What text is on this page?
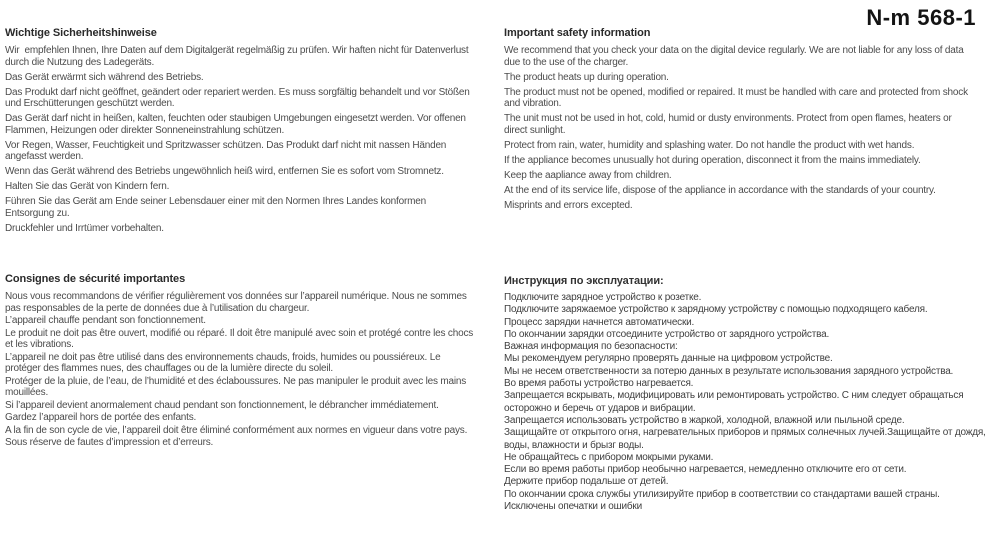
N-m 568-1
Wichtige Sicherheitshinweise

Wir  empfehlen Ihnen, Ihre Daten auf dem Digitalgerät regelmäßig zu prüfen. Wir haften nicht für Datenverlust durch die Nutzung des Ladegeräts.

Das Gerät erwärmt sich während des Betriebs.

Das Produkt darf nicht geöffnet, geändert oder repariert werden. Es muss sorgfältig behandelt und vor Stößen und Erschütterungen geschützt werden.

Das Gerät darf nicht in heißen, kalten, feuchten oder staubigen Umgebungen eingesetzt werden. Vor offenen Flammen, Heizungen oder direkter Sonneneinstrahlung schützen.

Vor Regen, Wasser, Feuchtigkeit und Spritzwasser schützen. Das Produkt darf nicht mit nassen Händen angefasst werden.

Wenn das Gerät während des Betriebs ungewöhnlich heiß wird, entfernen Sie es sofort vom Stromnetz.

Halten Sie das Gerät von Kindern fern.

Führen Sie das Gerät am Ende seiner Lebensdauer einer mit den Normen Ihres Landes konformen Entsorgung zu.

Druckfehler und Irrtümer vorbehalten.

Important safety information

We recommend that you check your data on the digital device regularly. We are not liable for any loss of data due to the use of the charger.

The product heats up during operation.

The product must not be opened, modified or repaired. It must be handled with care and protected from shock and vibration.

The unit must not be used in hot, cold, humid or dusty environments. Protect from open flames, heaters or direct sunlight.

Protect from rain, water, humidity and splashing water. Do not handle the product with wet hands.

If the appliance becomes unusually hot during operation, disconnect it from the mains immediately.

Keep the aapliance away from children.

At the end of its service life, dispose of the appliance in accordance with the standards of your country.

Misprints and errors excepted.

Consignes de sécurité importantes

Nous vous recommandons de vérifier régulièrement vos données sur l’appareil numérique. Nous ne sommes pas responsables de la perte de données due à l’utilisation du chargeur.

L’appareil chauffe pendant son fonctionnement.

Le produit ne doit pas être ouvert, modifié ou réparé. Il doit être manipulé avec soin et protégé contre les chocs et les vibrations.

L’appareil ne doit pas être utilisé dans des environnements chauds, froids, humides ou poussiéreux. Le protéger des flammes nues, des chauffages ou de la lumière directe du soleil.

Protéger de la pluie, de l’eau, de l’humidité et des éclaboussures. Ne pas manipuler le produit avec les mains mouillées.

Si l’appareil devient anormalement chaud pendant son fonctionnement, le débrancher immédiatement.

Gardez l’appareil hors de portée des enfants.

A la fin de son cycle de vie, l’appareil doit être éliminé conformément aux normes en vigueur dans votre pays.

Sous réserve de fautes d’impression et d’erreurs.

Инструкция по эксплуатации:

Подключите зарядное устройство к розетке.

Подключите заряжаемое устройство к зарядному устройству с помощью подходящего кабеля.

Процесс зарядки начнется автоматически.

По окончании зарядки отсоедините устройство от зарядного устройства.

Важная информация по безопасности:

Мы рекомендуем регулярно проверять данные на цифровом устройстве.

Мы не несем ответственности за потерю данных в результате использования зарядного устройства.

Во время работы устройство нагревается.

Запрещается вскрывать, модифицировать или ремонтировать устройство. С ним следует обращаться осторожно и беречь от ударов и вибрации.

Запрещается использовать устройство в жаркой, холодной, влажной или пыльной среде.

Защищайте от открытого огня, нагревательных приборов и прямых солнечных лучей.Защищайте от дождя, воды, влажности и брызг воды.

Не обращайтесь с прибором мокрыми руками.

Если во время работы прибор необычно нагревается, немедленно отключите его от сети.

Держите прибор подальше от детей.

По окончании срока службы утилизируйте прибор в соответствии со стандартами вашей страны.

Исключены опечатки и ошибки
